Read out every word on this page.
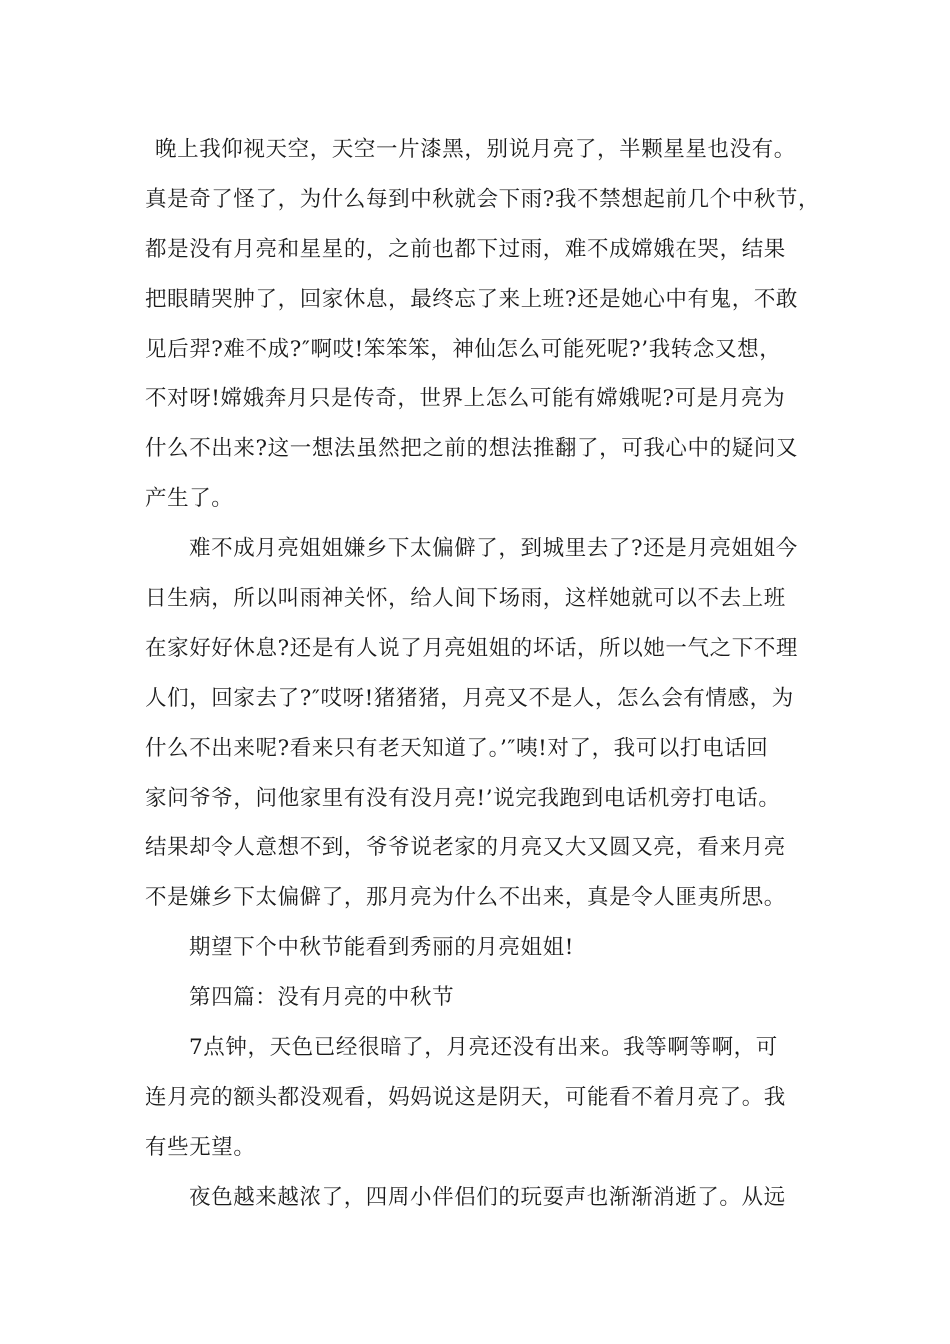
晚上我仰视天空，天空一片漆黑，别说月亮了，半颗星星也没有。
真是奇了怪了，为什么每到中秋就会下雨?我不禁想起前几个中秋节，
都是没有月亮和星星的，之前也都下过雨，难不成嫦娥在哭，结果
把眼睛哭肿了，回家休息，最终忘了来上班?还是她心中有鬼，不敢
见后羿?难不成?″啊哎!笨笨笨，神仙怎么可能死呢?’我转念又想，
不对呀!嫦娥奔月只是传奇，世界上怎么可能有嫦娥呢?可是月亮为
什么不出来?这一想法虽然把之前的想法推翻了，可我心中的疑问又
产生了。
难不成月亮姐姐嫌乡下太偏僻了，到城里去了?还是月亮姐姐今
日生病，所以叫雨神关怀，给人间下场雨，这样她就可以不去上班
在家好好休息?还是有人说了月亮姐姐的坏话，所以她一气之下不理
人们，回家去了?″哎呀!猪猪猪，月亮又不是人，怎么会有情感，为
什么不出来呢?看来只有老天知道了。’″咦!对了，我可以打电话回
家问爷爷，问他家里有没有没月亮!’说完我跑到电话机旁打电话。
结果却令人意想不到，爷爷说老家的月亮又大又圆又亮，看来月亮
不是嫌乡下太偏僻了，那月亮为什么不出来，真是令人匪夷所思。
期望下个中秋节能看到秀丽的月亮姐姐!
第四篇：没有月亮的中秋节
7点钟，天色已经很暗了，月亮还没有出来。我等啊等啊，可
连月亮的额头都没观看，妈妈说这是阴天，可能看不着月亮了。我
有些无望。
夜色越来越浓了，四周小伴侣们的玩耍声也渐渐消逝了。从远
